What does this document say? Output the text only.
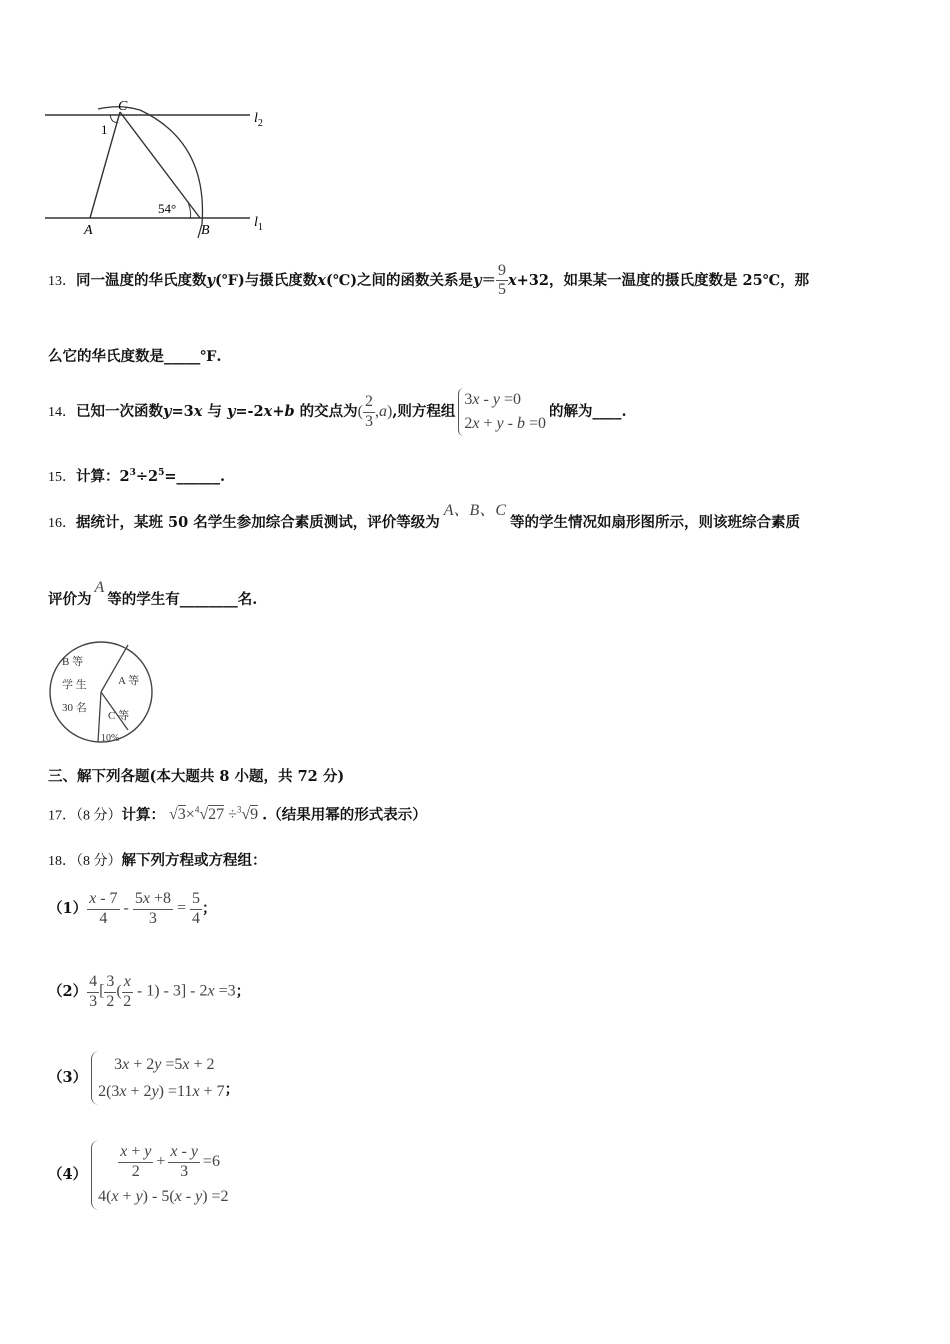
C
A	B
1
54°
$l_2$
$l_1$
13．同一温度的华氏度数y(℉)与摄氏度数x(℃)之间的函数关系是$y= \frac{9}{5} x+32$，如果某一温度的摄氏度数是 25℃，那
么它的华氏度数是_____℉.
14．已知一次函数y=3x 与 y=-2x+b 的交点为( $\frac{2}{3} ,a$),则方程组
3x - y =0
2x + y - b =0
的解为____.
15．计算：$2^3\div 2^5=\_\_\_\_\_\_$.
16．据统计，某班 50 名学生参加综合素质测试，评价等级为A、B、C等的学生情况如扇形图所示，则该班综合素质
评价为A等的学生有________名.
B 等
学 生
30 名
A 等
C 等
10%
三、解下列各题(本大题共 8 小题，共 72 分)
17．（8 分）计算： √3×$^4$√27 ÷$^3$√9 .（结果用幂的形式表示）
18．（8 分）解下列方程或方程组：
$(1) \frac{x - 7}{4} - \frac{5x +8}{3} = \frac{5}{4}$ ；
$(2) \frac{4}{3}$ [ $\frac{3}{2}$ ( $\frac{x}{2} - 1) - 3] - 2x =3$ ；
（3）
3x + 2y =5x + 2
2(3x + 2y) =11x + 7 ；
$(4) \frac{x + y}{2} + \frac{x - y}{3} =6$
4(x + y) - 5(x - y) =2
